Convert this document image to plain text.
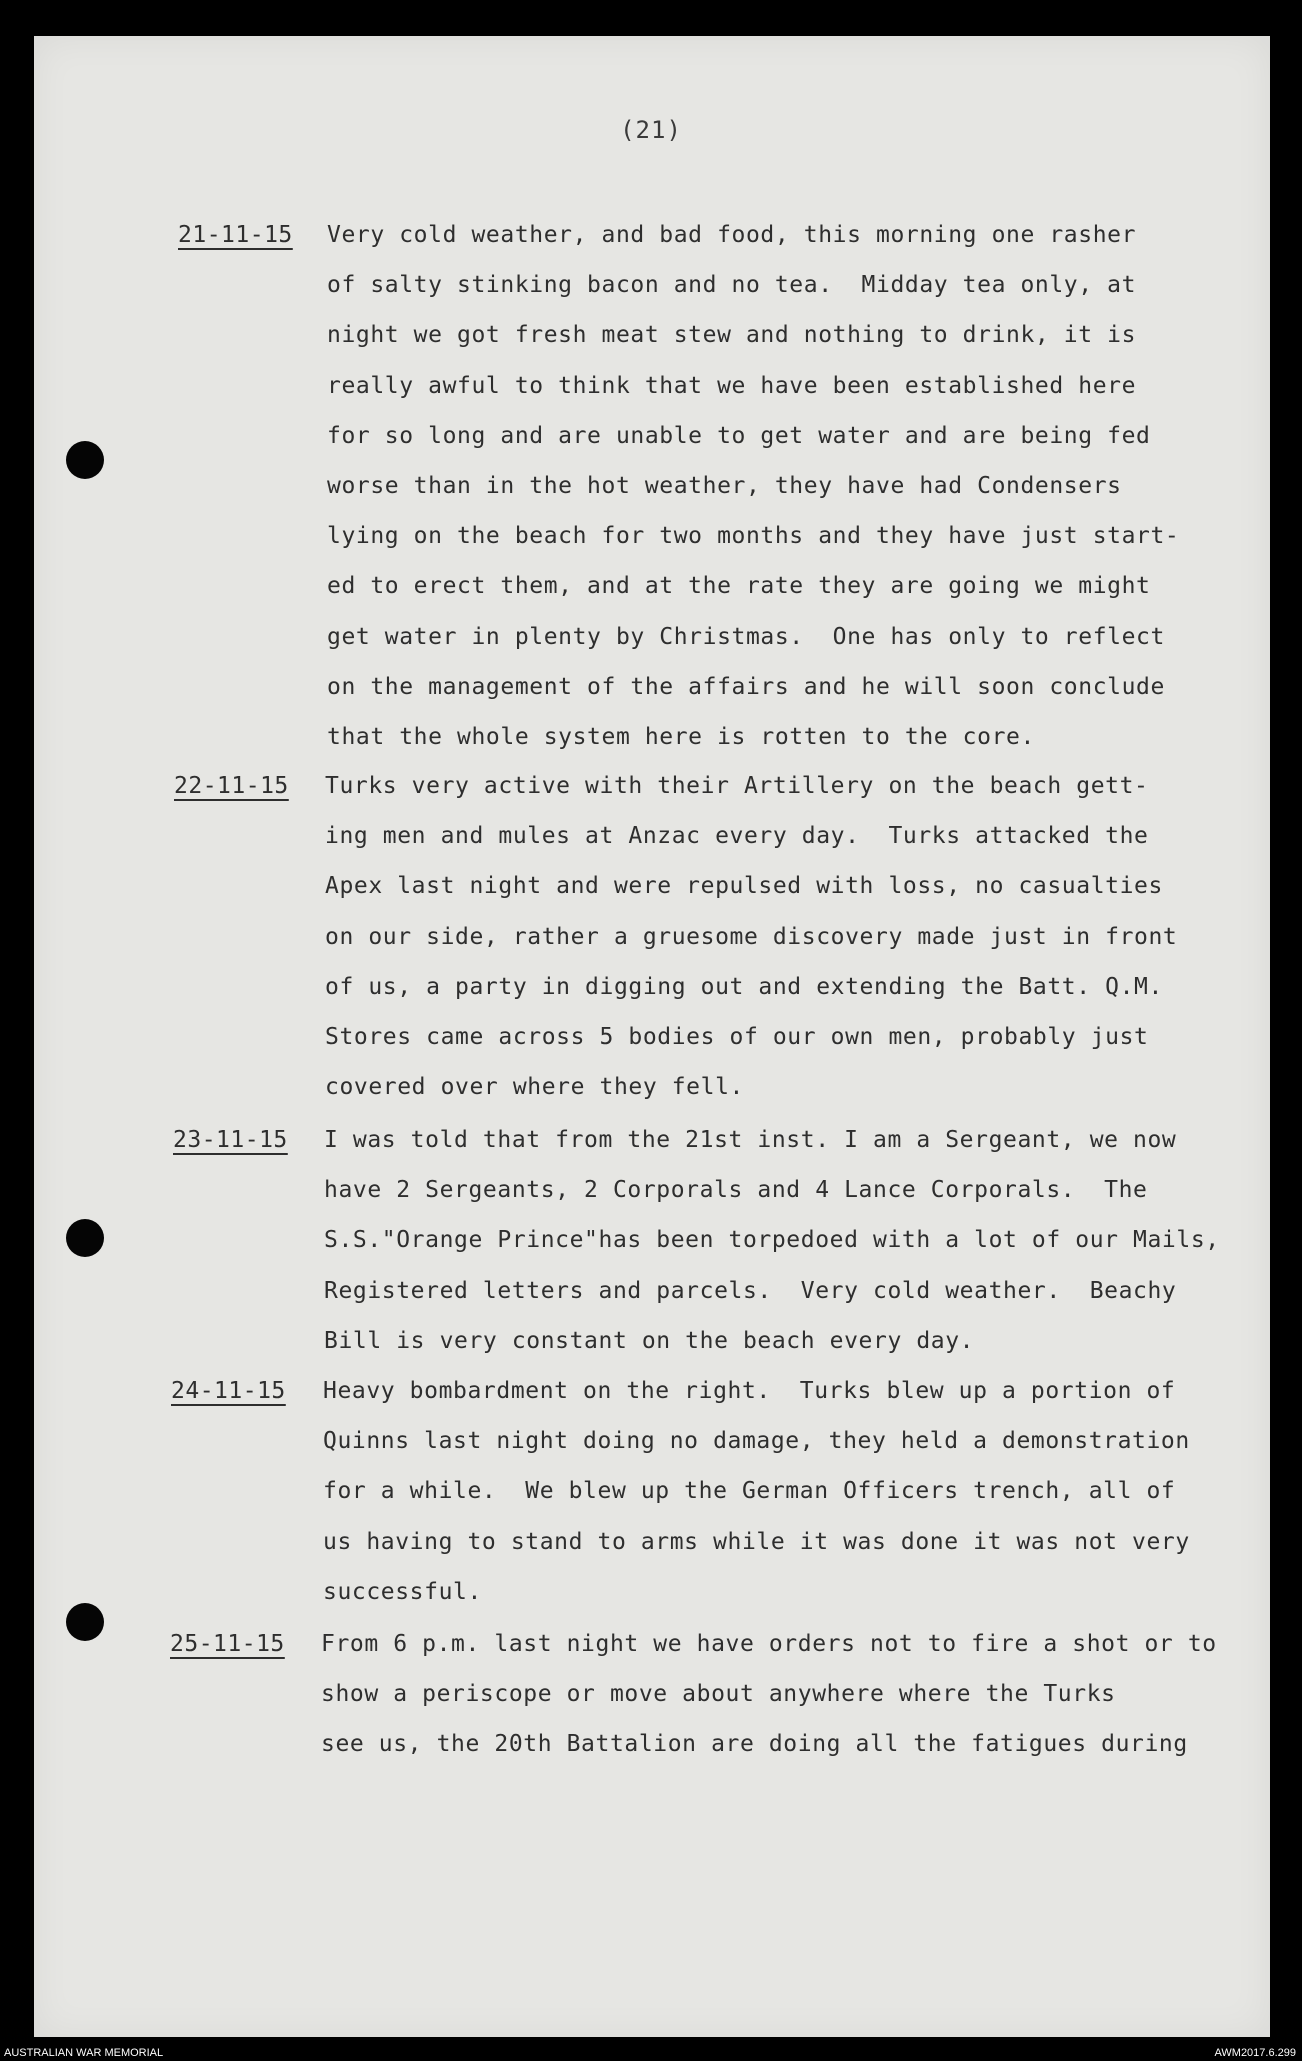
(21)
21-11-15 Very cold weather, and bad food, this morning one rasher
of salty stinking bacon and no tea.  Midday tea only, at
night we got fresh meat stew and nothing to drink, it is
really awful to think that we have been established here
for so long and are unable to get water and are being fed
worse than in the hot weather, they have had Condensers
lying on the beach for two months and they have just start-
ed to erect them, and at the rate they are going we might
get water in plenty by Christmas.  One has only to reflect
on the management of the affairs and he will soon conclude
that the whole system here is rotten to the core.
22-11-15 Turks very active with their Artillery on the beach gett-
ing men and mules at Anzac every day.  Turks attacked the
Apex last night and were repulsed with loss, no casualties
on our side, rather a gruesome discovery made just in front
of us, a party in digging out and extending the Batt. Q.M.
Stores came across 5 bodies of our own men, probably just
covered over where they fell.
23-11-15 I was told that from the 21st inst. I am a Sergeant, we now
have 2 Sergeants, 2 Corporals and 4 Lance Corporals.  The
S.S."Orange Prince"has been torpedoed with a lot of our Mails,
Registered letters and parcels.  Very cold weather.  Beachy
Bill is very constant on the beach every day.
24-11-15 Heavy bombardment on the right.  Turks blew up a portion of
Quinns last night doing no damage, they held a demonstration
for a while.  We blew up the German Officers trench, all of
us having to stand to arms while it was done it was not very
successful.
25-11-15 From 6 p.m. last night we have orders not to fire a shot or to
show a periscope or move about anywhere where the Turks
see us, the 20th Battalion are doing all the fatigues during
AUSTRALIAN WAR MEMORIAL	AWM2017.6.299
